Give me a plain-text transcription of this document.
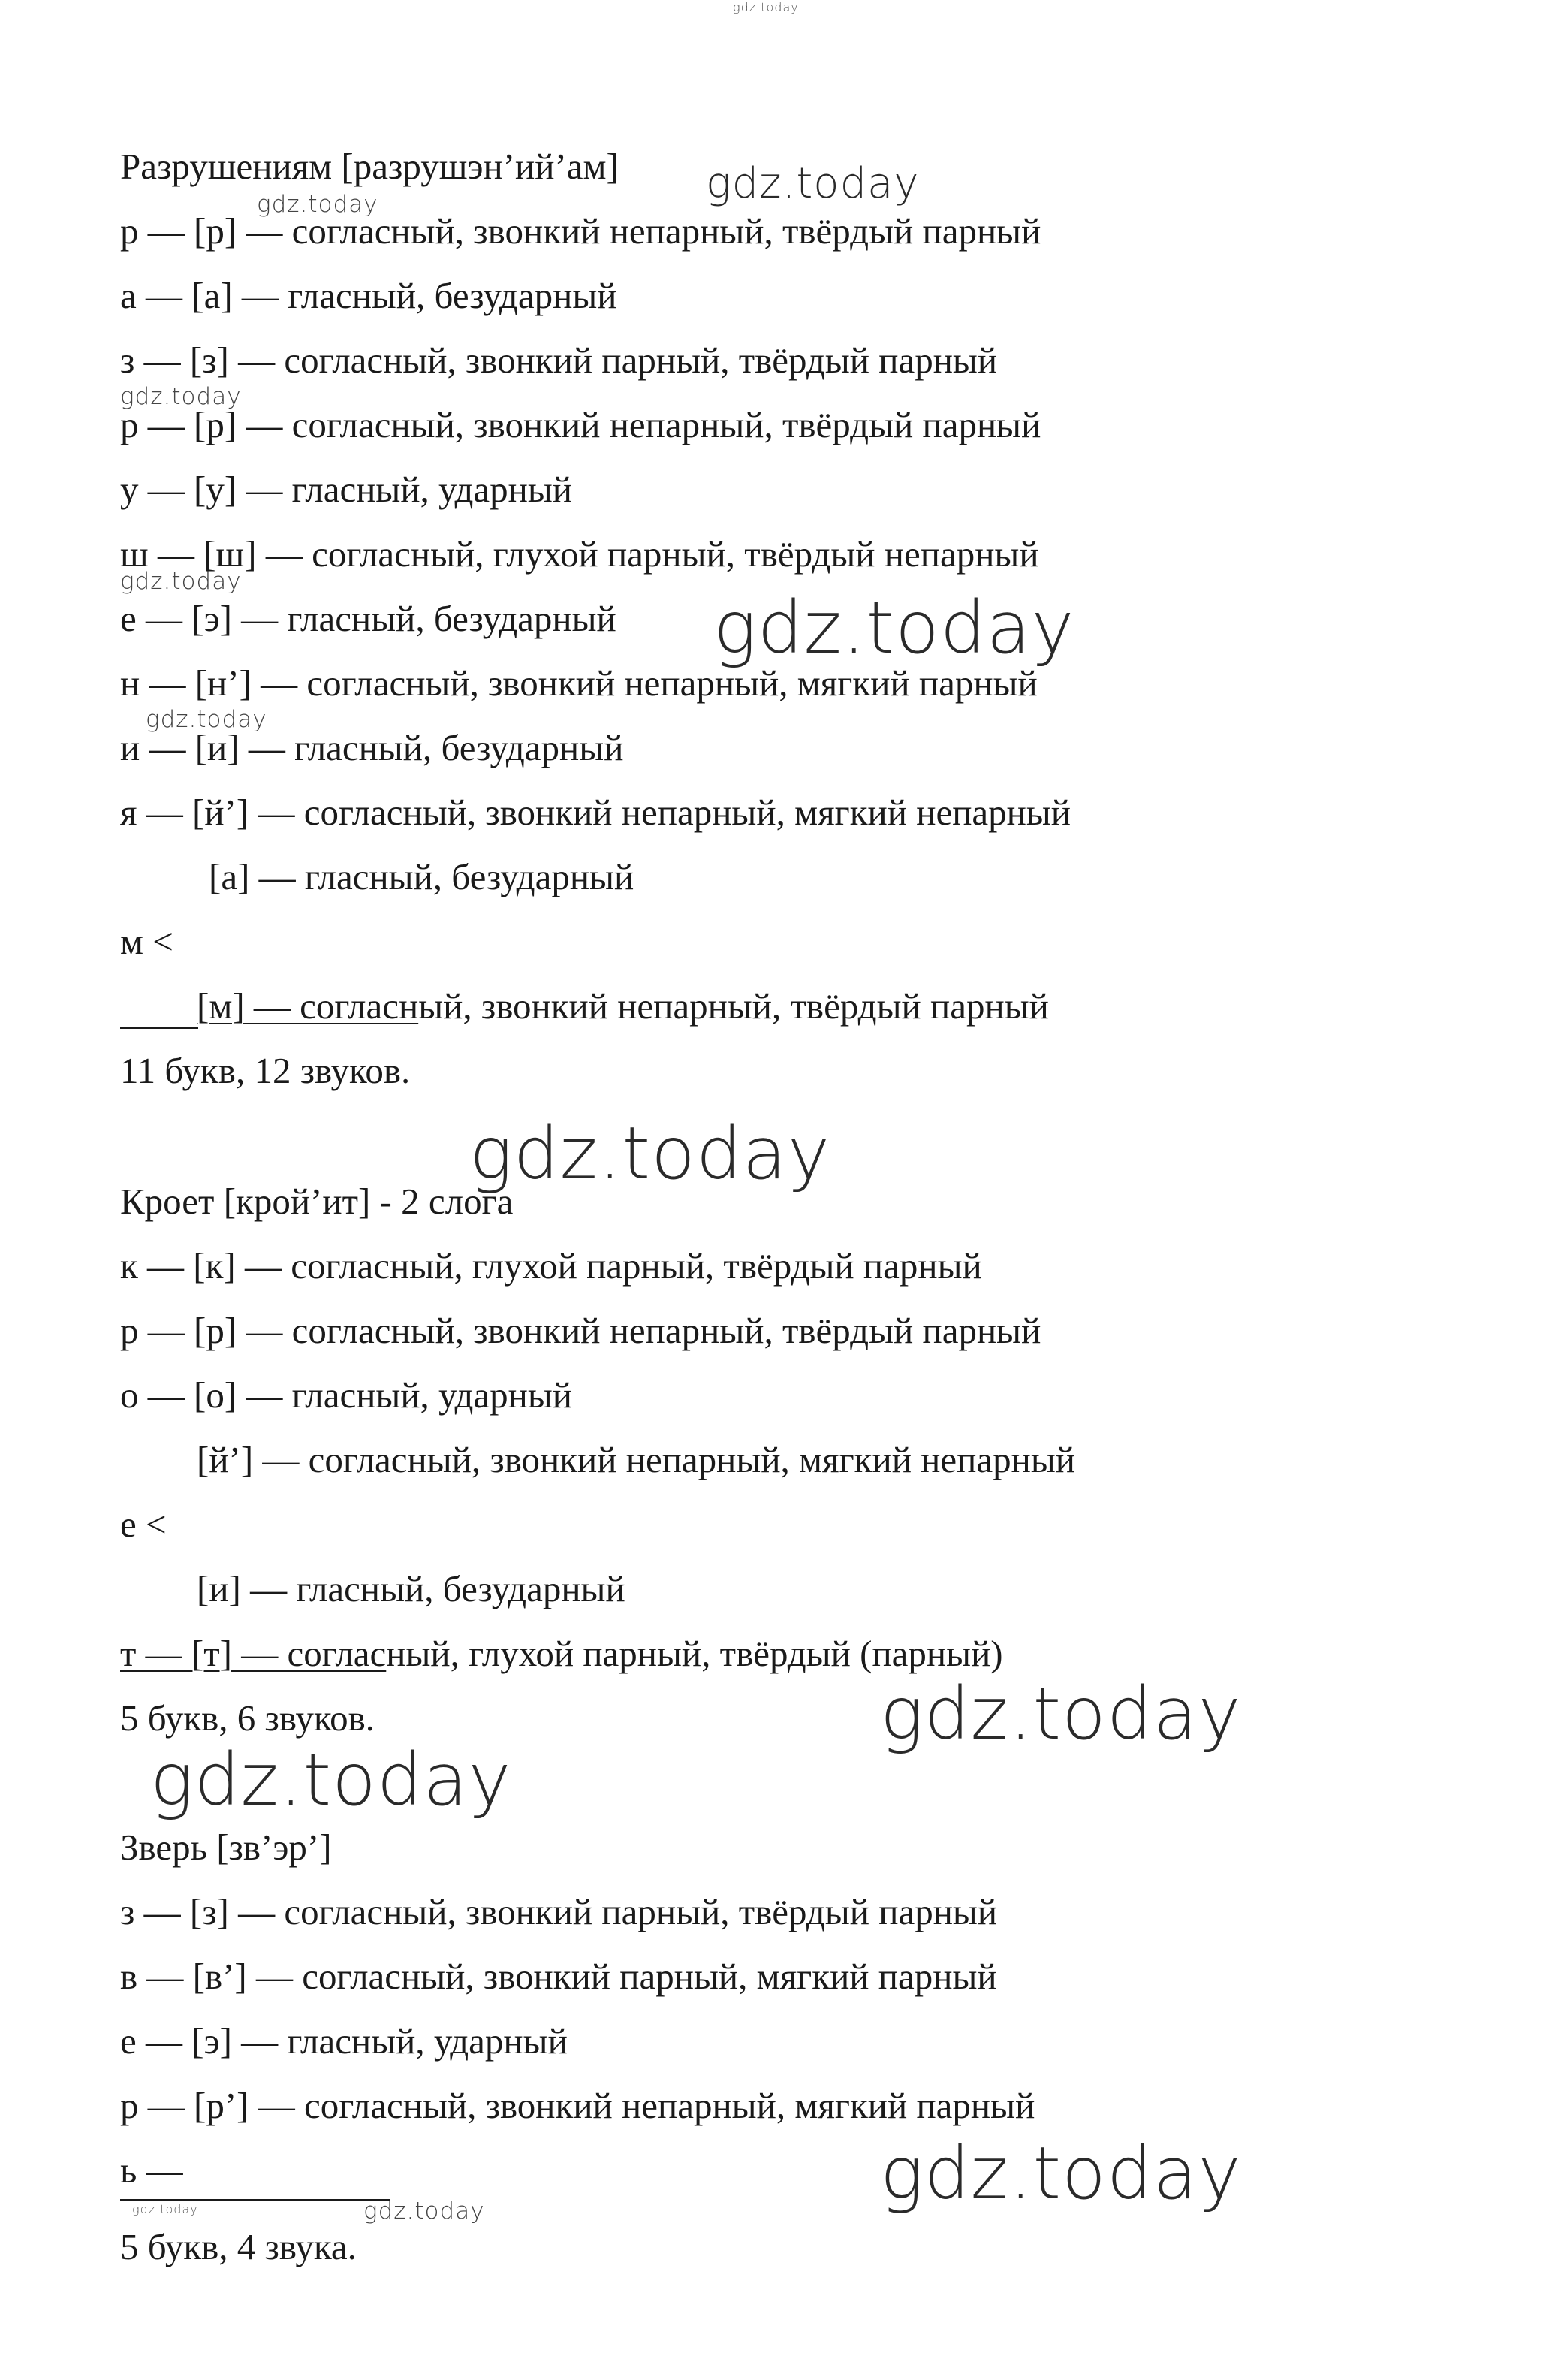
gdz.today
Разрушениям [разрушэн’ий’ам]
р — [р] — согласный, звонкий непарный, твёрдый парный
а — [а] — гласный, безударный
з — [з] — согласный, звонкий парный, твёрдый парный
р — [р] — согласный, звонкий непарный, твёрдый парный
у — [у] — гласный, ударный
ш — [ш] — согласный, глухой парный, твёрдый непарный
е — [э] — гласный, безударный
н — [н’] — согласный, звонкий непарный, мягкий парный
и — [и] — гласный, безударный
я — [й’] — согласный, звонкий непарный, мягкий непарный
[а] — гласный, безударный
м <
[м] — согласный, звонкий непарный, твёрдый парный
11 букв, 12 звуков.
Кроет [крой’ит] - 2 слога
к — [к] — согласный, глухой парный, твёрдый парный
р — [р] — согласный, звонкий непарный, твёрдый парный
о — [о] — гласный, ударный
[й’] — согласный, звонкий непарный, мягкий непарный
е <
[и] — гласный, безударный
т — [т] — согласный, глухой парный, твёрдый (парный)
5 букв, 6 звуков.
Зверь [зв’эр’]
з — [з] — согласный, звонкий парный, твёрдый парный
в — [в’] — согласный, звонкий парный, мягкий парный
е — [э] — гласный, ударный
р — [р’] — согласный, звонкий непарный, мягкий парный
ь —
5 букв, 4 звука.
gdz.today
gdz.today
gdz.today
gdz.today
gdz.today
gdz.today
gdz.today
gdz.today
gdz.today
gdz.today
gdz.today	gdz.today
